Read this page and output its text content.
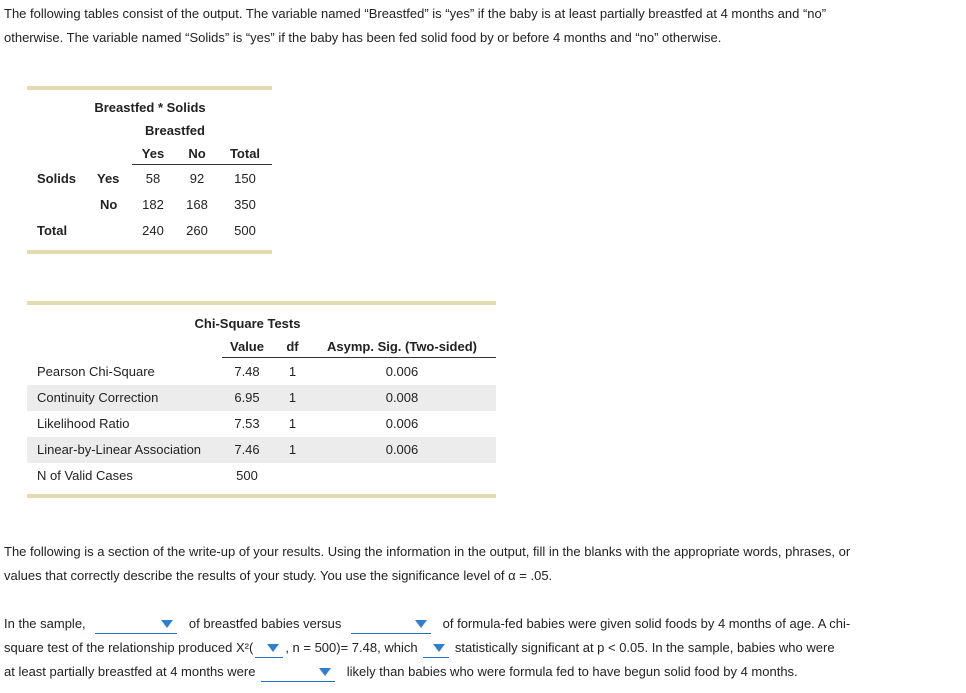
The following tables consist of the output. The variable named “Breastfed” is “yes” if the baby is at least partially breastfed at 4 months and “no”
otherwise. The variable named “Solids” is “yes” if the baby has been fed solid food by or before 4 months and “no” otherwise.
Breastfed * Solids
Breastfed
Yes	No	Total
Solids Yes	58	92	150
No	182	168	350
Total	240	260	500
Chi-Square Tests
Value	df	Asymp. Sig. (Two-sided)
Pearson Chi-Square	7.48	1	0.006
Continuity Correction	6.95	1	0.008
Likelihood Ratio	7.53	1	0.006
Linear-by-Linear Association	7.46	1	0.006
N of Valid Cases	500
The following is a section of the write-up of your results. Using the information in the output, fill in the blanks with the appropriate words, phrases, or
values that correctly describe the results of your study. You use the significance level of α = .05.
In the sample,	of breastfed babies versus	of formula-fed babies were given solid foods by 4 months of age. A chi-
square test of the relationship produced X²( , n = 500)= 7.48, which	statistically significant at p < 0.05. In the sample, babies who were
at least partially breastfed at 4 months were	likely than babies who were formula fed to have begun solid food by 4 months.
